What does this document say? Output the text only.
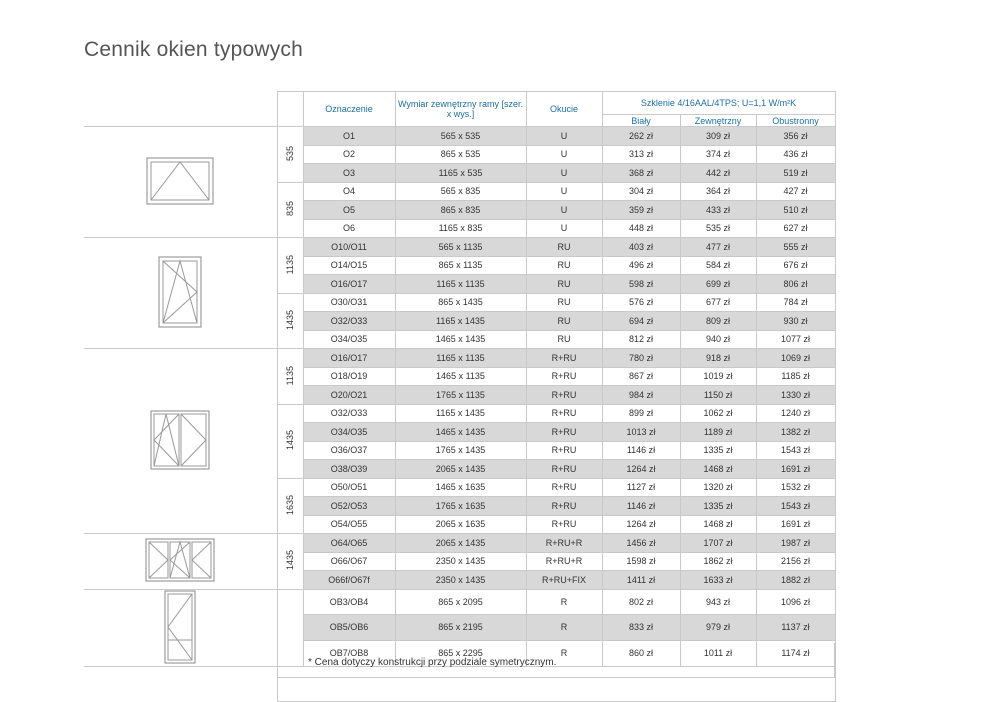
Cennik okien typowych
		Oznaczenie	Wymiar zewnętrzny ramy [szer. x wys.]	Okucie	Szklenie 4/16AAL/4TPS; U=1,1 W/m²K		
					Biały	Zewnętrzny	Obustronny
	535	O1	565 x 535	U	262 zł	309 zł	356 zł
		O2	865 x 535	U	313 zł	374 zł	436 zł
		O3	1165 x 535	U	368 zł	442 zł	519 zł
	835	O4	565 x 835	U	304 zł	364 zł	427 zł
		O5	865 x 835	U	359 zł	433 zł	510 zł
		O6	1165 x 835	U	448 zł	535 zł	627 zł
	1135	O10/O11	565 x 1135	RU	403 zł	477 zł	555 zł
		O14/O15	865 x 1135	RU	496 zł	584 zł	676 zł
		O16/O17	1165 x 1135	RU	598 zł	699 zł	806 zł
	1435	O30/O31	865 x 1435	RU	576 zł	677 zł	784 zł
		O32/O33	1165 x 1435	RU	694 zł	809 zł	930 zł
		O34/O35	1465 x 1435	RU	812 zł	940 zł	1077 zł
	1135	O16/O17	1165 x 1135	R+RU	780 zł	918 zł	1069 zł
		O18/O19	1465 x 1135	R+RU	867 zł	1019 zł	1185 zł
		O20/O21	1765 x 1135	R+RU	984 zł	1150 zł	1330 zł
	1435	O32/O33	1165 x 1435	R+RU	899 zł	1062 zł	1240 zł
		O34/O35	1465 x 1435	R+RU	1013 zł	1189 zł	1382 zł
		O36/O37	1765 x 1435	R+RU	1146 zł	1335 zł	1543 zł
		O38/O39	2065 x 1435	R+RU	1264 zł	1468 zł	1691 zł
	1635	O50/O51	1465 x 1635	R+RU	1127 zł	1320 zł	1532 zł
		O52/O53	1765 x 1635	R+RU	1146 zł	1335 zł	1543 zł
		O54/O55	2065 x 1635	R+RU	1264 zł	1468 zł	1691 zł
	1435	O64/O65	2065 x 1435	R+RU+R	1456 zł	1707 zł	1987 zł
		O66/O67	2350 x 1435	R+RU+R	1598 zł	1862 zł	2156 zł
		O66f/O67f	2350 x 1435	R+RU+FIX	1411 zł	1633 zł	1882 zł
		OB3/OB4	865 x 2095	R	802 zł	943 zł	1096 zł
		OB5/OB6	865 x 2195	R	833 zł	979 zł	1137 zł
		OB7/OB8	865 x 2295	R	860 zł	1011 zł	1174 zł

* Cena dotyczy konstrukcji przy podziale symetrycznym.
